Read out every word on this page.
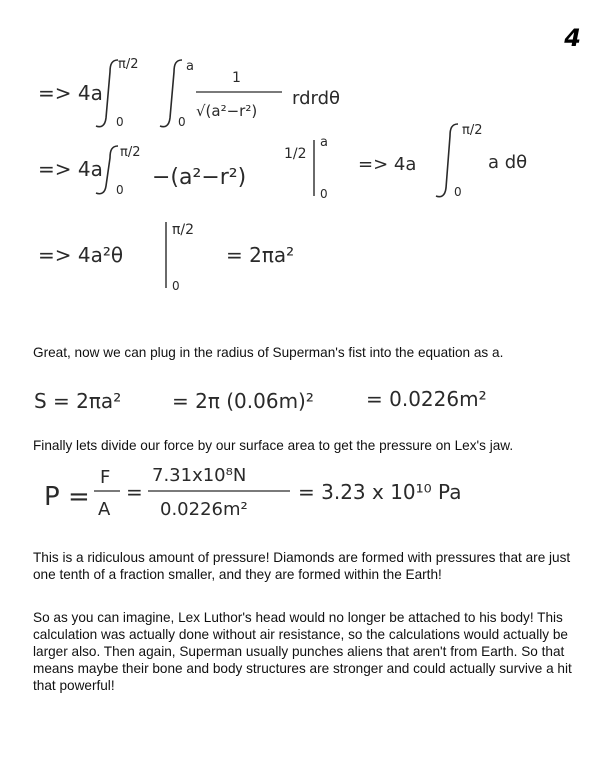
4
=> 4a
π/2
0
a
0
1
√(a²−r²)
rdrdθ
=> 4a
π/2
0 −(a²−r²)
1/2
a
0
=> 4a
π/2
0
a dθ
=> 4a²θ
π/2
0
= 2πa²

Great, now we can plug in the radius of Superman's fist into the equation as a.

S = 2πa²	= 2π (0.06m)²	= 0.0226m²

Finally lets divide our force by our surface area to get the pressure on Lex's jaw.

P =
F
A
=
7.31x10⁸N
0.0226m²
= 3.23 x 10¹⁰ Pa

This is a ridiculous amount of pressure! Diamonds are formed with pressures that are just one tenth of a fraction smaller, and they are formed within the Earth!

So as you can imagine, Lex Luthor's head would no longer be attached to his body! This calculation was actually done without air resistance, so the calculations would actually be larger also. Then again, Superman usually punches aliens that aren't from Earth. So that means maybe their bone and body structures are stronger and could actually survive a hit that powerful!
